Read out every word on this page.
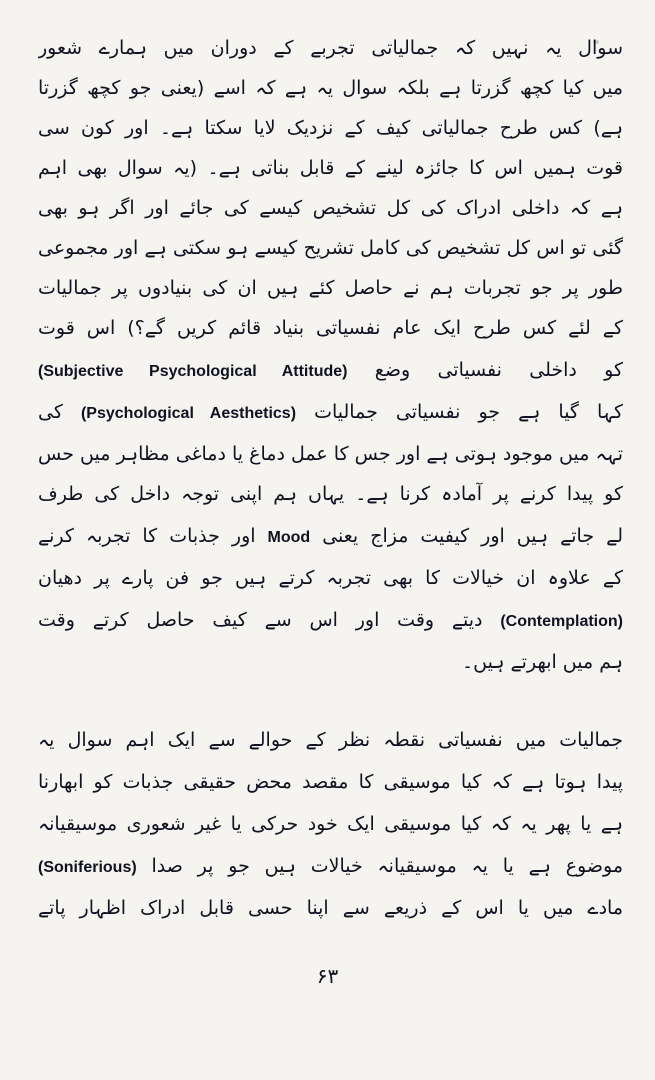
سوال یہ نہیں کہ جمالیاتی تجربے کے دوران میں ہمارے شعور
میں کیا کچھ گزرتا ہے بلکہ سوال یہ ہے کہ اسے (یعنی جو کچھ گزرتا
ہے) کس طرح جمالیاتی کیف کے نزدیک لایا سکتا ہے۔ اور کون سی
قوت ہمیں اس کا جائزہ لینے کے قابل بناتی ہے۔ (یہ سوال بھی اہم
ہے کہ داخلی ادراک کی کل تشخیص کیسے کی جائے اور اگر ہو بھی
گئی تو اس کل تشخیص کی کامل تشریح کیسے ہو سکتی ہے اور مجموعی
طور پر جو تجربات ہم نے حاصل کئے ہیں ان کی بنیادوں پر جمالیات
کے لئے کس طرح ایک عام نفسیاتی بنیاد قائم کریں گے؟) اس قوت
کو داخلی نفسیاتی وضع (Subjective Psychological Attitude)
کہا گیا ہے جو نفسیاتی جمالیات (Psychological Aesthetics) کی
تہہ میں موجود ہوتی ہے اور جس کا عمل دماغ یا دماغی مظاہر میں حس
کو پیدا کرنے پر آمادہ کرنا ہے۔ یہاں ہم اپنی توجہ داخل کی طرف
لے جاتے ہیں اور کیفیت مزاج یعنی Mood اور جذبات کا تجربہ کرنے
کے علاوہ ان خیالات کا بھی تجربہ کرتے ہیں جو فن پارے پر دھیان
(Contemplation) دیتے وقت اور اس سے کیف حاصل کرتے وقت
ہم میں ابھرتے ہیں۔
جمالیات میں نفسیاتی نقطہ نظر کے حوالے سے ایک اہم سوال یہ
پیدا ہوتا ہے کہ کیا موسیقی کا مقصد محض حقیقی جذبات کو ابھارنا
ہے یا پھر یہ کہ کیا موسیقی ایک خود حرکی یا غیر شعوری موسیقیانہ
موضوع ہے یا یہ موسیقیانہ خیالات ہیں جو پر صدا (Soniferious)
مادے میں یا اس کے ذریعے سے اپنا حسی قابل ادراک اظہار پاتے
۶۳
